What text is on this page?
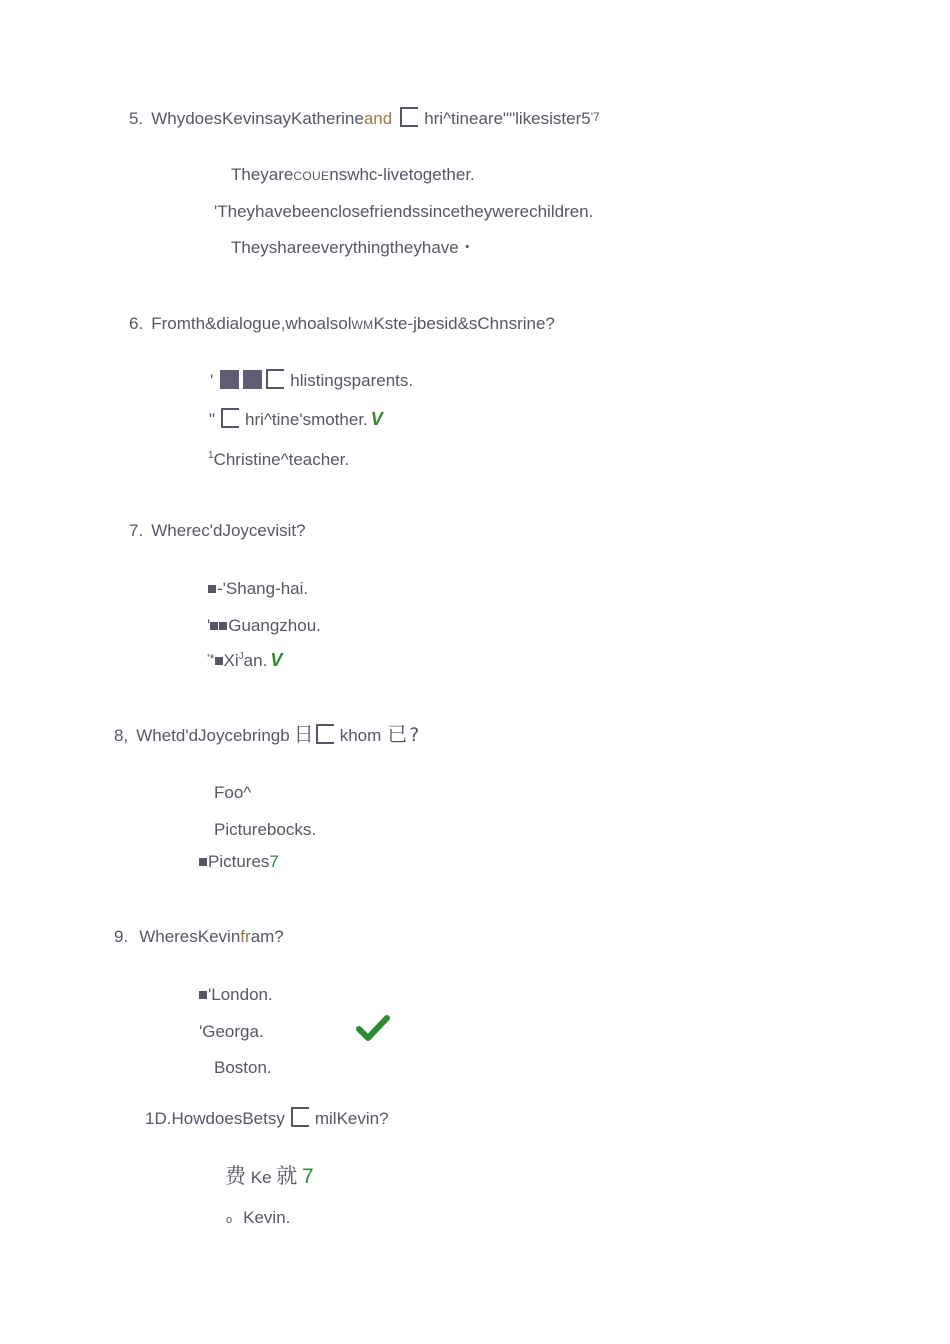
5. WhydoesKevinsayKatherineand hri^tineare""likesister5'7
TheyareCOUEnswhc-livetogether.
'Theyhavebeenclosefriendssincetheywerechildren.
Theyshareeverythingtheyhave・
6. Fromth&dialogue,whoalsolWMKste-jbesid&sChnsrine?
'	hlistingsparents.
" hri^tine'smother. V
$^1$Christine^teacher.
7. Wherec'dJoycevisit?
-'Shang-hai.
' Guangzhou.
'* $Xi^Jan$. V
8, Whetd'dJoycebringb 日 khom 已 ?
Foo^
Picturebocks.
Pictures7
9. WheresKevinfram?
'London.
'Georga.
Boston.
1D.HowdoesBetsy milKevin?
费 Ke 就 7
o Kevin.
